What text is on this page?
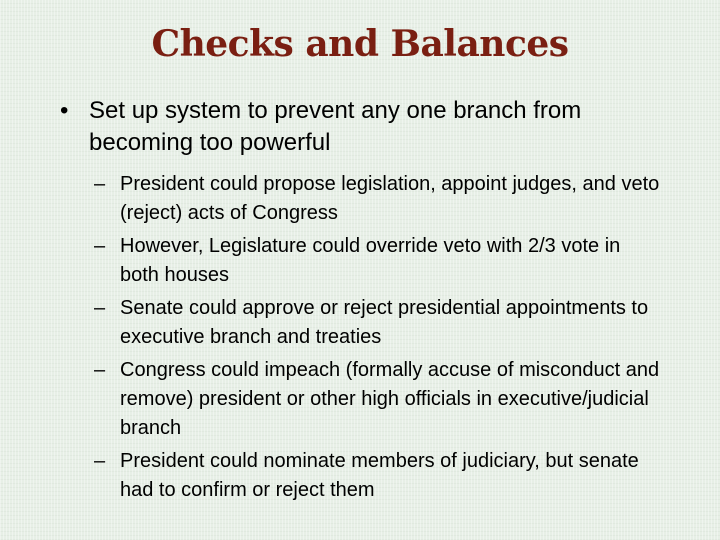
Checks and Balances
• Set up system to prevent any one branch from becoming too powerful
– President could propose legislation, appoint judges, and veto (reject) acts of Congress
– However, Legislature could override veto with 2/3 vote in both houses
– Senate could approve or reject presidential appointments to executive branch and treaties
– Congress could impeach (formally accuse of misconduct and remove) president or other high officials in executive/judicial branch
– President could nominate members of judiciary, but senate had to confirm or reject them
